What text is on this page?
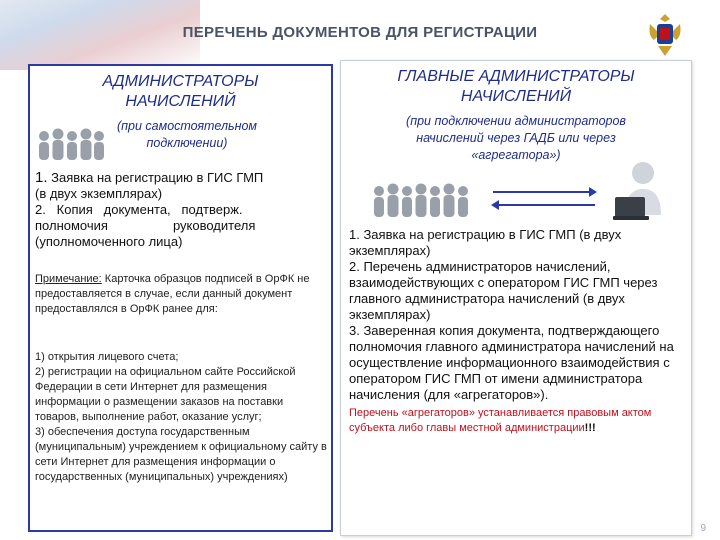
ПЕРЕЧЕНЬ ДОКУМЕНТОВ ДЛЯ РЕГИСТРАЦИИ
АДМИНИСТРАТОРЫ
НАЧИСЛЕНИЙ
(при самостоятельном
подключении)
1. Заявка на регистрацию в ГИС ГМП
(в двух экземплярах)
2.   Копия   документа,   подтверж.
полномочия                  руководителя
(уполномоченного лица)
Примечание: Карточка образцов подписей в ОрФК не предоставляется в случае, если данный документ предоставлялся в ОрФК ранее для:
1) открытия лицевого счета;
2) регистрации на официальном сайте Российской Федерации в сети Интернет для размещения информации о размещении заказов на поставки товаров, выполнение работ, оказание услуг;
3) обеспечения доступа государственным (муниципальным) учреждением к официальному сайту в сети Интернет для размещения информации о государственных (муниципальных) учреждениях)
ГЛАВНЫЕ АДМИНИСТРАТОРЫ
НАЧИСЛЕНИЙ
(при подключении администраторов
начислений через ГАДБ или через
«агрегатора»)
1. Заявка на регистрацию в ГИС ГМП (в двух экземплярах)
2. Перечень администраторов начислений, взаимодействующих с оператором ГИС ГМП через главного администратора начислений (в двух экземплярах)
3. Заверенная копия документа, подтверждающего полномочия главного администратора начислений на осуществление информационного взаимодействия с оператором ГИС ГМП от имени администратора начисления (для «агрегаторов»).
Перечень «агрегаторов» устанавливается правовым актом субъекта либо главы местной администрации!!!
9
